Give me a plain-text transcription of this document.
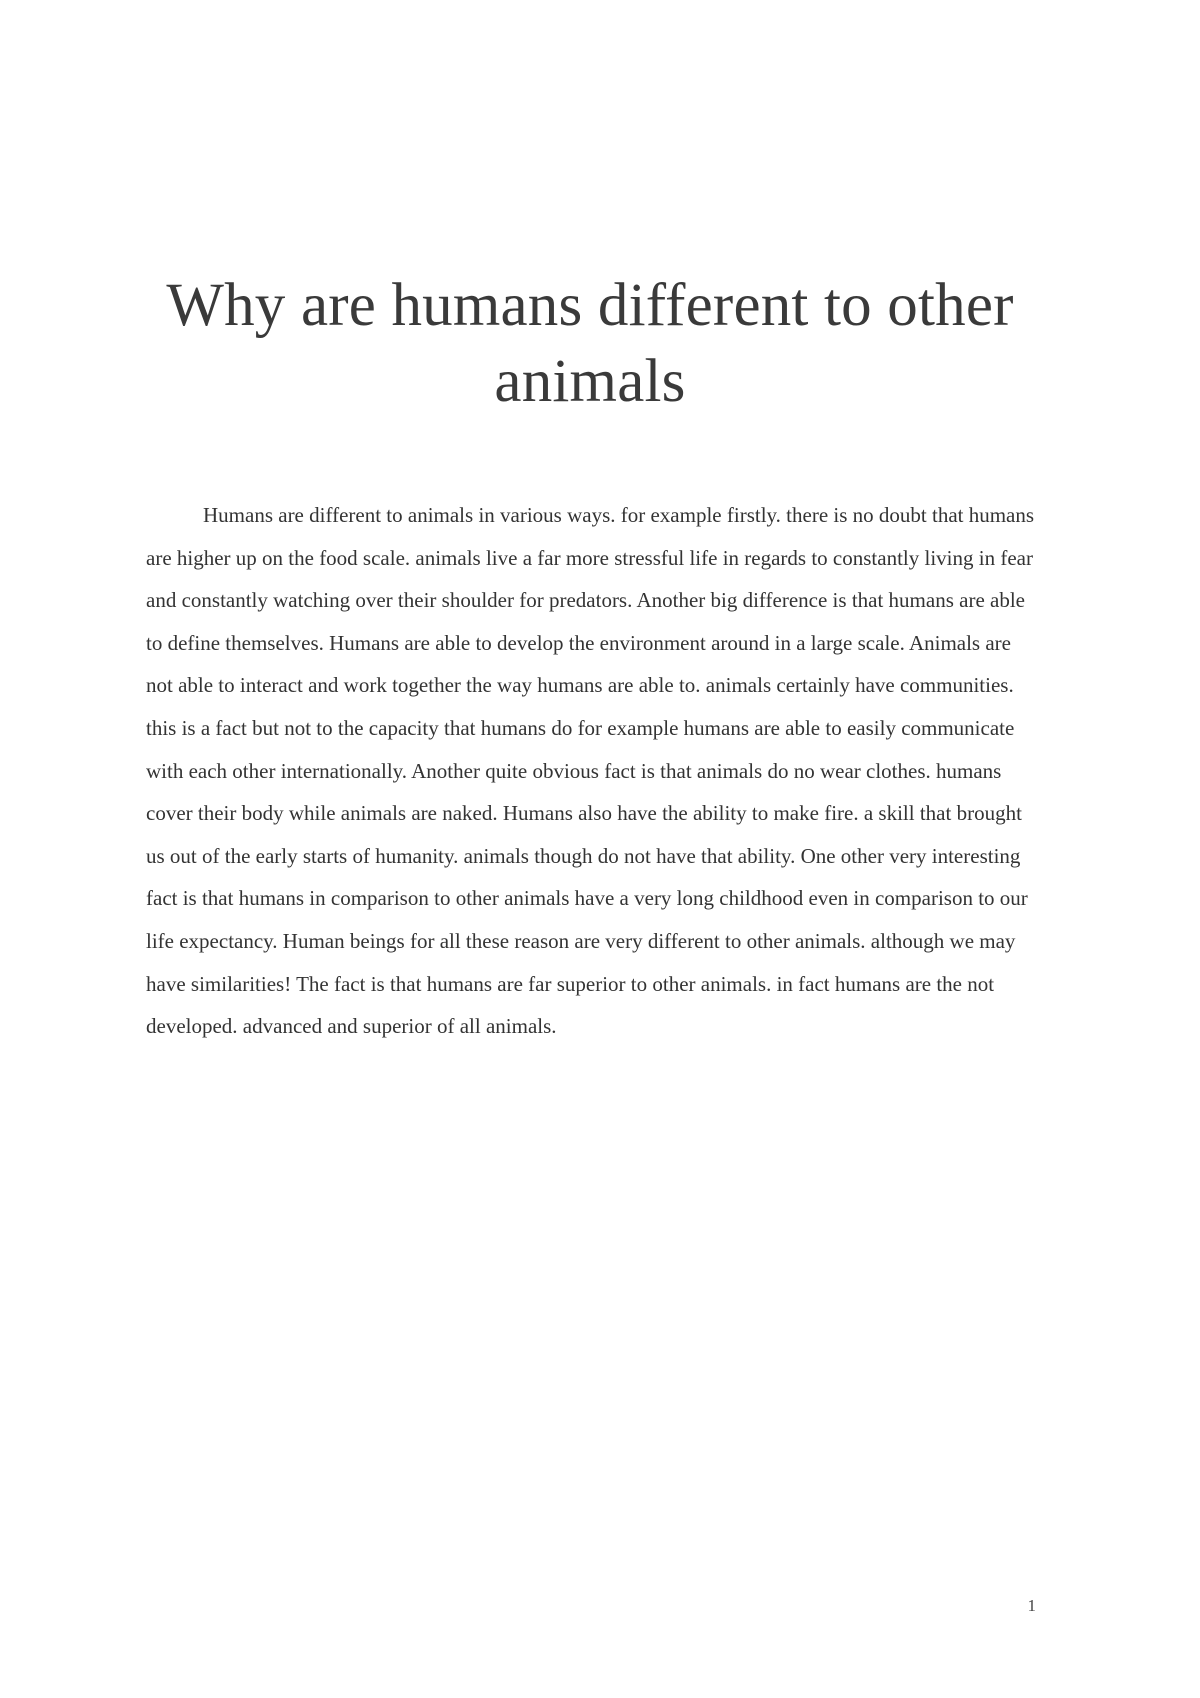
Why are humans different to other animals

Humans are different to animals in various ways. for example firstly. there is no doubt that humans are higher up on the food scale. animals live a far more stressful life in regards to constantly living in fear and constantly watching over their shoulder for predators. Another big difference is that humans are able to define themselves. Humans are able to develop the environment around in a large scale. Animals are not able to interact and work together the way humans are able to. animals certainly have communities. this is a fact but not to the capacity that humans do for example humans are able to easily communicate with each other internationally. Another quite obvious fact is that animals do no wear clothes. humans cover their body while animals are naked. Humans also have the ability to make fire. a skill that brought us out of the early starts of humanity. animals though do not have that ability. One other very interesting fact is that humans in comparison to other animals have a very long childhood even in comparison to our life expectancy. Human beings for all these reason are very different to other animals. although we may have similarities! The fact is that humans are far superior to other animals. in fact humans are the not developed. advanced and superior of all animals.

1
